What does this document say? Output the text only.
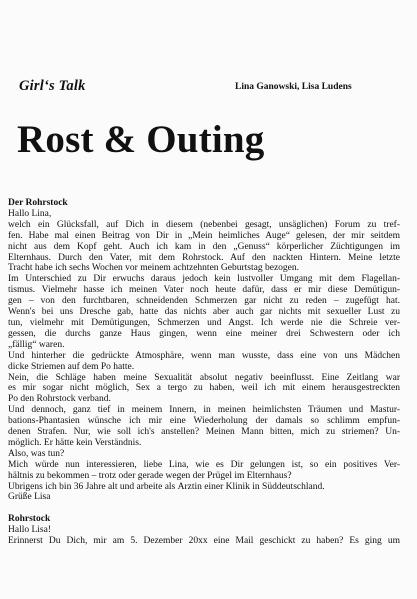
Girl‘s Talk	Lina Ganowski, Lisa Ludens
Rost & Outing
Der Rohrstock
Hallo Lina,
welch ein Glücksfall, auf Dich in diesem (nebenbei gesagt, unsäglichen) Forum zu tref-
fen. Habe mal einen Beitrag von Dir in „Mein heimliches Auge“ gelesen, der mir seitdem
nicht aus dem Kopf geht. Auch ich kam in den „Genuss“ körperlicher Züchtigungen im
Elternhaus. Durch den Vater, mit dem Rohrstock. Auf den nackten Hintern. Meine letzte
Tracht habe ich sechs Wochen vor meinem achtzehnten Geburtstag bezogen.
Im Unterschied zu Dir erwuchs daraus jedoch kein lustvoller Umgang mit dem Flagellan-
tismus. Vielmehr hasse ich meinen Vater noch heute dafür, dass er mir diese Demütigun-
gen – von den furchtbaren, schneidenden Schmerzen gar nicht zu reden – zugefügt hat.
Wenn's bei uns Dresche gab, hatte das nichts aber auch gar nichts mit sexueller Lust zu
tun, vielmehr mit Demütigungen, Schmerzen und Angst. Ich werde nie die Schreie ver-
gessen, die durchs ganze Haus gingen, wenn eine meiner drei Schwestern oder ich
„fällig“ waren.
Und hinterher die gedrückte Atmosphäre, wenn man wusste, dass eine von uns Mädchen
dicke Striemen auf dem Po hatte.
Nein, die Schläge haben meine Sexualität absolut negativ beeinflusst. Eine Zeitlang war
es mir sogar nicht möglich, Sex a tergo zu haben, weil ich mit einem herausgestreckten
Po den Rohrstock verband.
Und dennoch, ganz tief in meinem Innern, in meinen heimlichsten Träumen und Mastur-
bations-Phantasien wünsche ich mir eine Wiederholung der damals so schlimm empfun-
denen Strafen. Nur, wie soll ich's anstellen? Meinen Mann bitten, mich zu striemen? Un-
möglich. Er hätte kein Verständnis.
Also, was tun?
Mich würde nun interessieren, liebe Lina, wie es Dir gelungen ist, so ein positives Ver-
hältnis zu bekommen – trotz oder gerade wegen der Prügel im Elternhaus?
Übrigens ich bin 36 Jahre alt und arbeite als Ärztin einer Klinik in Süddeutschland.
Grüße Lisa
Rohrstock
Hallo Lisa!
Erinnerst Du Dich, mir am 5. Dezember 20xx eine Mail geschickt zu haben? Es ging um
